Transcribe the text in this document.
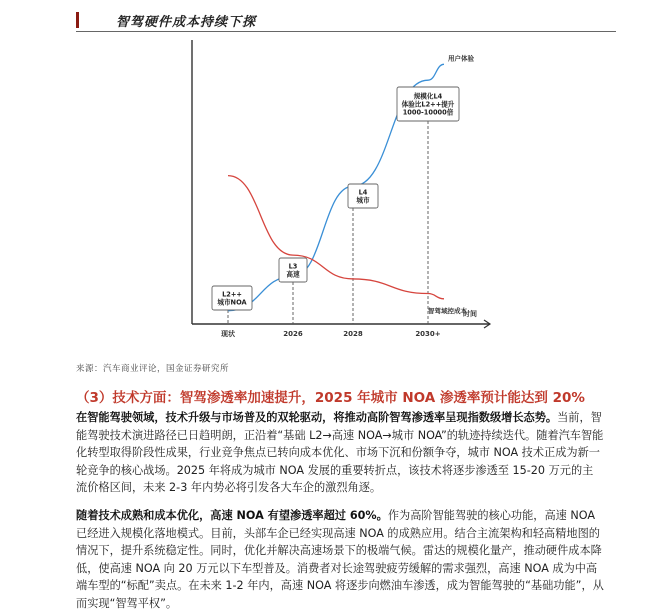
智驾硬件成本持续下探
时间
用户体验
智驾域控成本
L2++
城市NOA
L3
高速
L4
城市
规模化L4
体验比L2++提升
1000-10000倍
现状	2026	2028	2030+
来源：汽车商业评论，国金证券研究所
（3）技术方面：智驾渗透率加速提升，2025 年城市 NOA 渗透率预计能达到 20%

在智能驾驶领域，技术升级与市场普及的双轮驱动，将推动高阶智驾渗透率呈现指数级增长态势。当前，智能驾驶技术演进路径已日趋明朗，正沿着“基础 L2→高速 NOA→城市 NOA”的轨迹持续迭代。随着汽车智能化转型取得阶段性成果，行业竞争焦点已转向成本优化、市场下沉和份额争夺，城市 NOA 技术正成为新一轮竞争的核心战场。2025 年将成为城市 NOA 发展的重要转折点，该技术将逐步渗透至 15-20 万元的主流价格区间，未来 2-3 年内势必将引发各大车企的激烈角逐。

随着技术成熟和成本优化，高速 NOA 有望渗透率超过 60%。作为高阶智能驾驶的核心功能，高速 NOA 已经进入规模化落地模式。目前，头部车企已经实现高速 NOA 的成熟应用。结合主流架构和轻高精地图的情况下，提升系统稳定性。同时，优化并解决高速场景下的极端气候。雷达的规模化量产，推动硬件成本降低，使高速 NOA 向 20 万元以下车型普及。消费者对长途驾驶疲劳缓解的需求强烈，高速 NOA 成为中高端车型的“标配”卖点。在未来 1-2 年内，高速 NOA 将逐步向燃油车渗透，成为智能驾驶的“基础功能”，从而实现“智驾平权”。
